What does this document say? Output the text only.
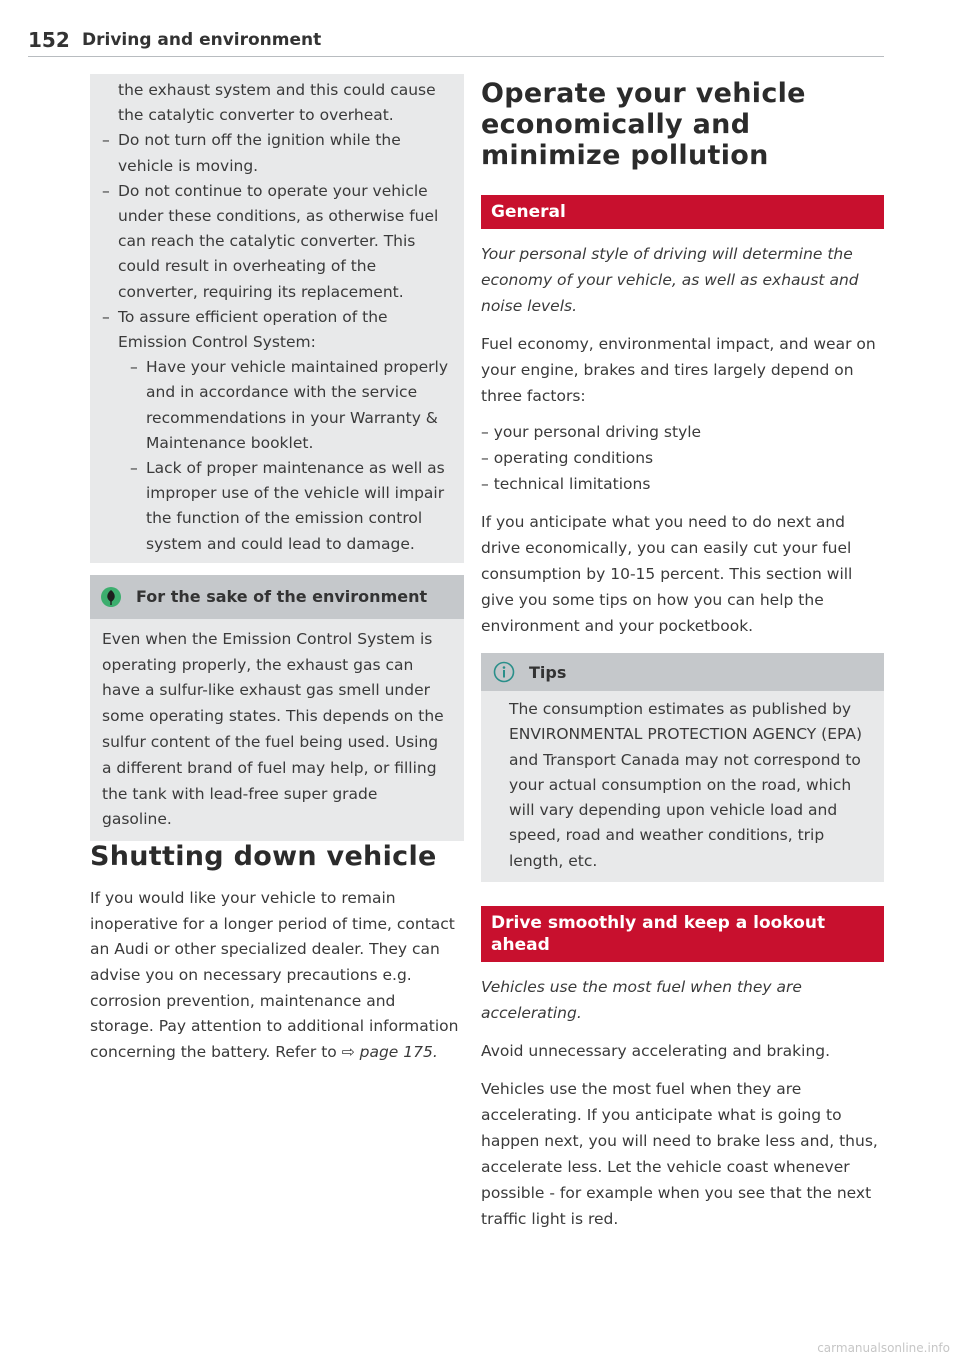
152 Driving and environment

the exhaust system and this could cause the catalytic converter to overheat.

– Do not turn off the ignition while the vehicle is moving.
– Do not continue to operate your vehicle under these conditions, as otherwise fuel can reach the catalytic converter. This could result in overheating of the converter, requiring its replacement.
– To assure efficient operation of the Emission Control System:
– Have your vehicle maintained properly and in accordance with the service recommendations in your Warranty & Maintenance booklet.
– Lack of proper maintenance as well as improper use of the vehicle will impair the function of the emission control system and could lead to damage.
For the sake of the environment
Even when the Emission Control System is operating properly, the exhaust gas can have a sulfur-like exhaust gas smell under some operating states. This depends on the sulfur content of the fuel being used. Using a different brand of fuel may help, or filling the tank with lead-free super grade gasoline.
Shutting down vehicle

If you would like your vehicle to remain inoperative for a longer period of time, contact an Audi or other specialized dealer. They can advise you on necessary precautions e.g. corrosion prevention, maintenance and storage. Pay attention to additional information concerning the battery. Refer to ⇨ page 175.

Operate your vehicle economically and minimize pollution
General

Your personal style of driving will determine the economy of your vehicle, as well as exhaust and noise levels.

Fuel economy, environmental impact, and wear on your engine, brakes and tires largely depend on three factors:

– your personal driving style
– operating conditions
– technical limitations

If you anticipate what you need to do next and drive economically, you can easily cut your fuel consumption by 10-15 percent. This section will give you some tips on how you can help the environment and your pocketbook.

Tips
The consumption estimates as published by ENVIRONMENTAL PROTECTION AGENCY (EPA) and Transport Canada may not correspond to your actual consumption on the road, which will vary depending upon vehicle load and speed, road and weather conditions, trip length, etc.
Drive smoothly and keep a lookout ahead

Vehicles use the most fuel when they are accelerating.

Avoid unnecessary accelerating and braking.

Vehicles use the most fuel when they are accelerating. If you anticipate what is going to happen next, you will need to brake less and, thus, accelerate less. Let the vehicle coast whenever possible - for example when you see that the next traffic light is red.

carmanualsonline.info
